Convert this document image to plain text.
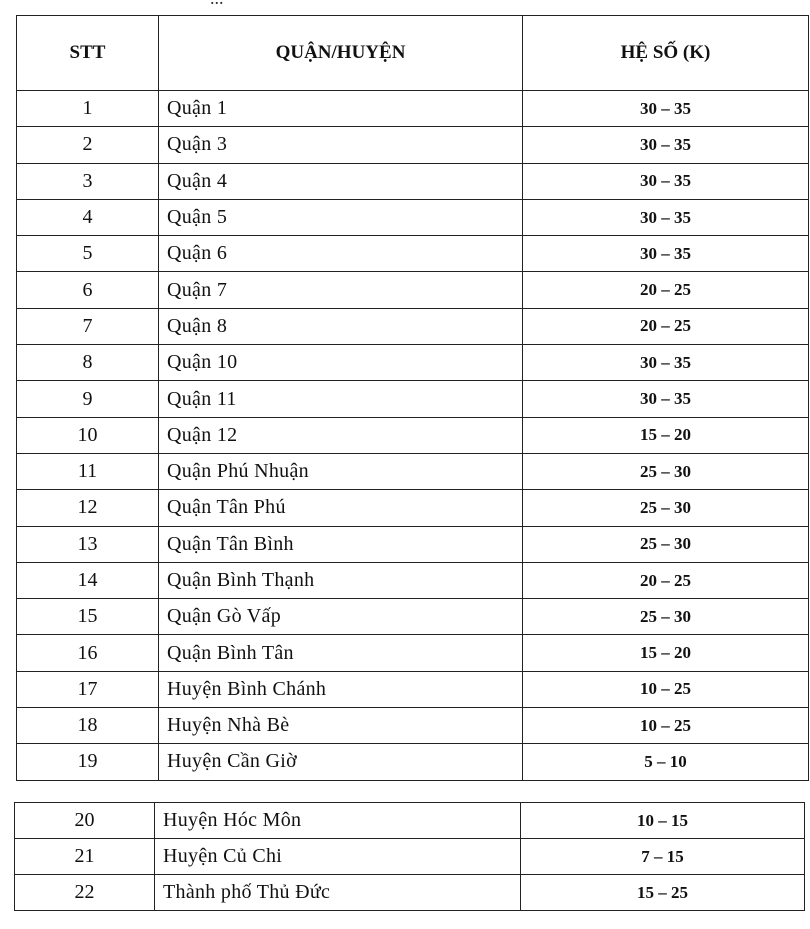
STT	QUẬN/HUYỆN	HỆ SỐ (K)
1	Quận 1	30 – 35
2	Quận 3	30 – 35
3	Quận 4	30 – 35
4	Quận 5	30 – 35
5	Quận 6	30 – 35
6	Quận 7	20 – 25
7	Quận 8	20 – 25
8	Quận 10	30 – 35
9	Quận 11	30 – 35
10	Quận 12	15 – 20
11	Quận Phú Nhuận	25 – 30
12	Quận Tân Phú	25 – 30
13	Quận Tân Bình	25 – 30
14	Quận Bình Thạnh	20 – 25
15	Quận Gò Vấp	25 – 30
16	Quận Bình Tân	15 – 20
17	Huyện Bình Chánh	10 – 25
18	Huyện Nhà Bè	10 – 25
19	Huyện Cần Giờ	5 – 10
20	Huyện Hóc Môn	10 – 15
21	Huyện Củ Chi	7 – 15
22	Thành phố Thủ Đức	15 – 25
